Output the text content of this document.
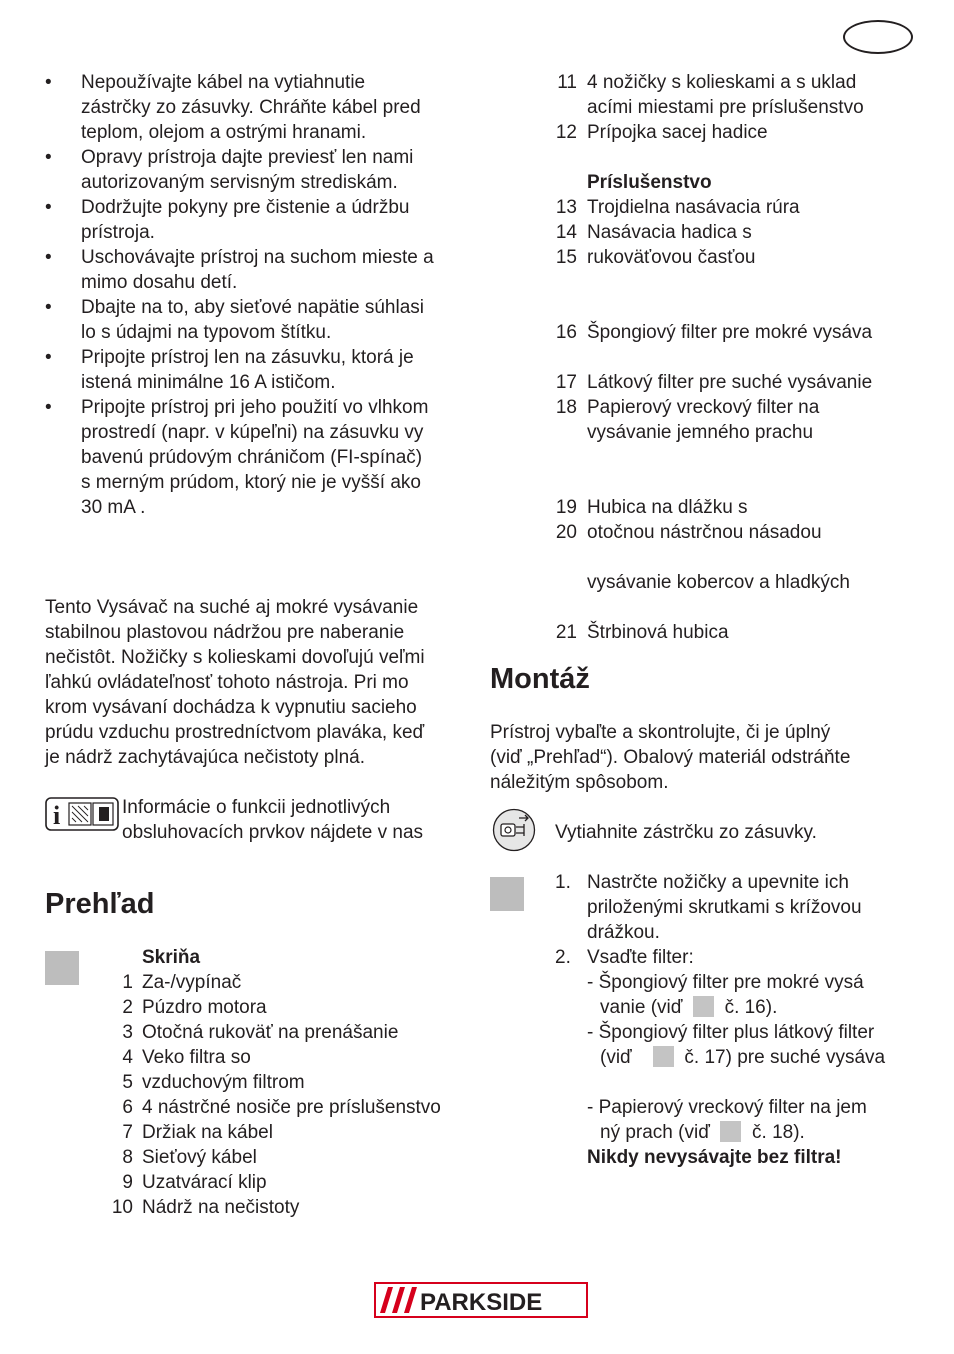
• Nepoužívajte kábel na vytiahnutie
zástrčky zo zásuvky. Chráňte kábel pred
teplom, olejom a ostrými hranami.
• Opravy prístroja dajte previesť len nami
autorizovaným servisným strediskám.
• Dodržujte pokyny pre čistenie a údržbu
prístroja.
• Uschovávajte prístroj na suchom mieste a
mimo dosahu detí.
• Dbajte na to, aby sieťové napätie súhlasi
lo s údajmi na typovom štítku.
• Pripojte prístroj len na zásuvku, ktorá je
istená minimálne 16 A ističom.
• Pripojte prístroj pri jeho použití vo vlhkom
prostredí (napr. v kúpeľni) na zásuvku vy
bavenú prúdovým chráničom (FI-spínač)
s merným prúdom, ktorý nie je vyšší ako
30 mA .
Tento Vysávač na suché aj mokré vysávanie
stabilnou plastovou nádržou pre naberanie
nečistôt. Nožičky s kolieskami dovoľujú veľmi
ľahkú ovládateľnosť tohoto nástroja. Pri mo
krom vysávaní dochádza k vypnutiu sacieho
prúdu vzduchu prostredníctvom plaváka, keď
je nádrž zachytávajúca nečistoty plná.
i	Informácie o funkcii jednotlivých
obsluhovacích prvkov nájdete v nas
Prehľad
Skriňa
1 Za-/vypínač
2 Púzdro motora
3 Otočná rukoväť na prenášanie
4 Veko filtra so
5 vzduchovým filtrom
6 4 nástrčné nosiče pre príslušenstvo
7 Držiak na kábel
8 Sieťový kábel
9 Uzatvárací klip
10 Nádrž na nečistoty
11 4 nožičky s kolieskami a s uklad
acími miestami pre príslušenstvo
12 Prípojka sacej hadice
Príslušenstvo
13 Trojdielna nasávacia rúra
14 Nasávacia hadica s
15 rukoväťovou časťou
16 Špongiový filter pre mokré vysáva
17 Látkový filter pre suché vysávanie
18 Papierový vreckový filter na
vysávanie jemného prachu
19 Hubica na dlážku s
20 otočnou nástrčnou násadou
vysávanie kobercov a hladkých
21 Štrbinová hubica
Montáž
Prístroj vybaľte a skontrolujte, či je úplný
(viď „Prehľad“). Obalový materiál odstráňte
náležitým spôsobom.
Vytiahnite zástrčku zo zásuvky.
1. Nastrčte nožičky a upevnite ich
priloženými skrutkami s krížovou
drážkou.
2. Vsaďte filter:
- Špongiový filter pre mokré vysá
vanie (viď č. 16).
- Špongiový filter plus látkový filter
(viď	č. 17) pre suché vysáva
- Papierový vreckový filter na jem
ný prach (viď č. 18).
Nikdy nevysávajte bez filtra!
PARKSIDE
